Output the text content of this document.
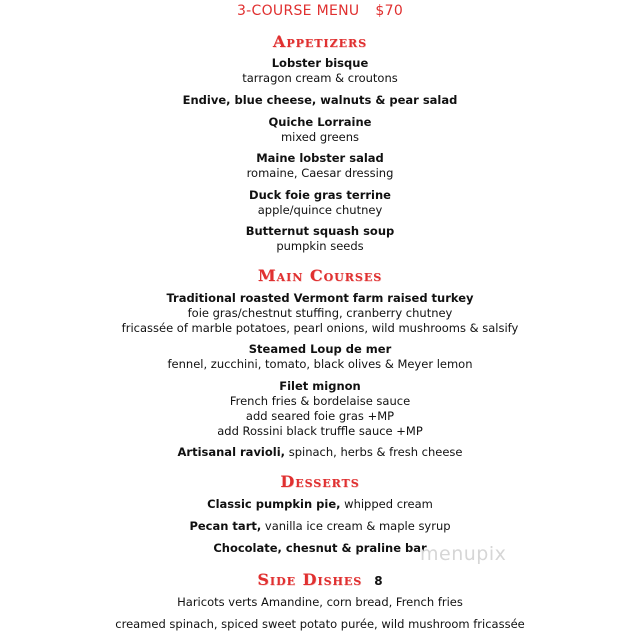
3-COURSE MENU $70
Appetizers
Lobster bisque
tarragon cream & croutons
Endive, blue cheese, walnuts & pear salad
Quiche Lorraine
mixed greens
Maine lobster salad
romaine, Caesar dressing
Duck foie gras terrine
apple/quince chutney
Butternut squash soup
pumpkin seeds
Main Courses
Traditional roasted Vermont farm raised turkey
foie gras/chestnut stuffing, cranberry chutney
fricassée of marble potatoes, pearl onions, wild mushrooms & salsify
Steamed Loup de mer
fennel, zucchini, tomato, black olives & Meyer lemon
Filet mignon
French fries & bordelaise sauce
add seared foie gras +MP
add Rossini black truffle sauce +MP
Artisanal ravioli, spinach, herbs & fresh cheese
Desserts
Classic pumpkin pie, whipped cream
Pecan tart, vanilla ice cream & maple syrup
Chocolate, chesnut & praline bar
menupix
Side Dishes 8
Haricots verts Amandine, corn bread, French fries
creamed spinach, spiced sweet potato purée, wild mushroom fricassée
